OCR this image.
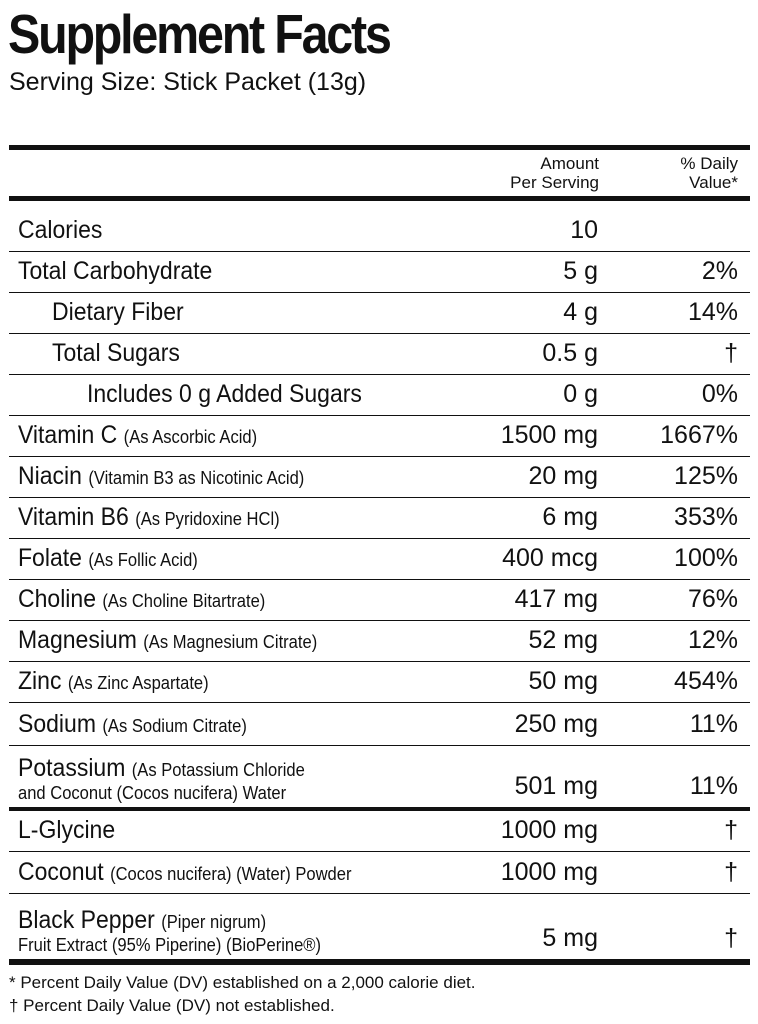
Supplement Facts
Serving Size: Stick Packet (13g)
Amount
Per Serving
% Daily
Value*
Calories	10
Total Carbohydrate	5 g	2%
Dietary Fiber	4 g	14%
Total Sugars	0.5 g	†
Includes 0 g Added Sugars	0 g	0%
Vitamin C (As Ascorbic Acid)	1500 mg 1667%
Niacin (Vitamin B3 as Nicotinic Acid)	20 mg	125%
Vitamin B6 (As Pyridoxine HCl)	6 mg	353%
Folate (As Follic Acid)	400 mcg	100%
Choline (As Choline Bitartrate)	417 mg	76%
Magnesium (As Magnesium Citrate)	52 mg	12%
Zinc (As Zinc Aspartate)	50 mg	454%
Sodium (As Sodium Citrate)	250 mg	11%
Potassium (As Potassium Chloride
and Coconut (Cocos nucifera) Water	501 mg	11%
L-Glycine	1000 mg	†
Coconut (Cocos nucifera) (Water) Powder	1000 mg	†
Black Pepper (Piper nigrum)
Fruit Extract (95% Piperine) (BioPerine®)	5 mg	†
* Percent Daily Value (DV) established on a 2,000 calorie diet.
† Percent Daily Value (DV) not established.
